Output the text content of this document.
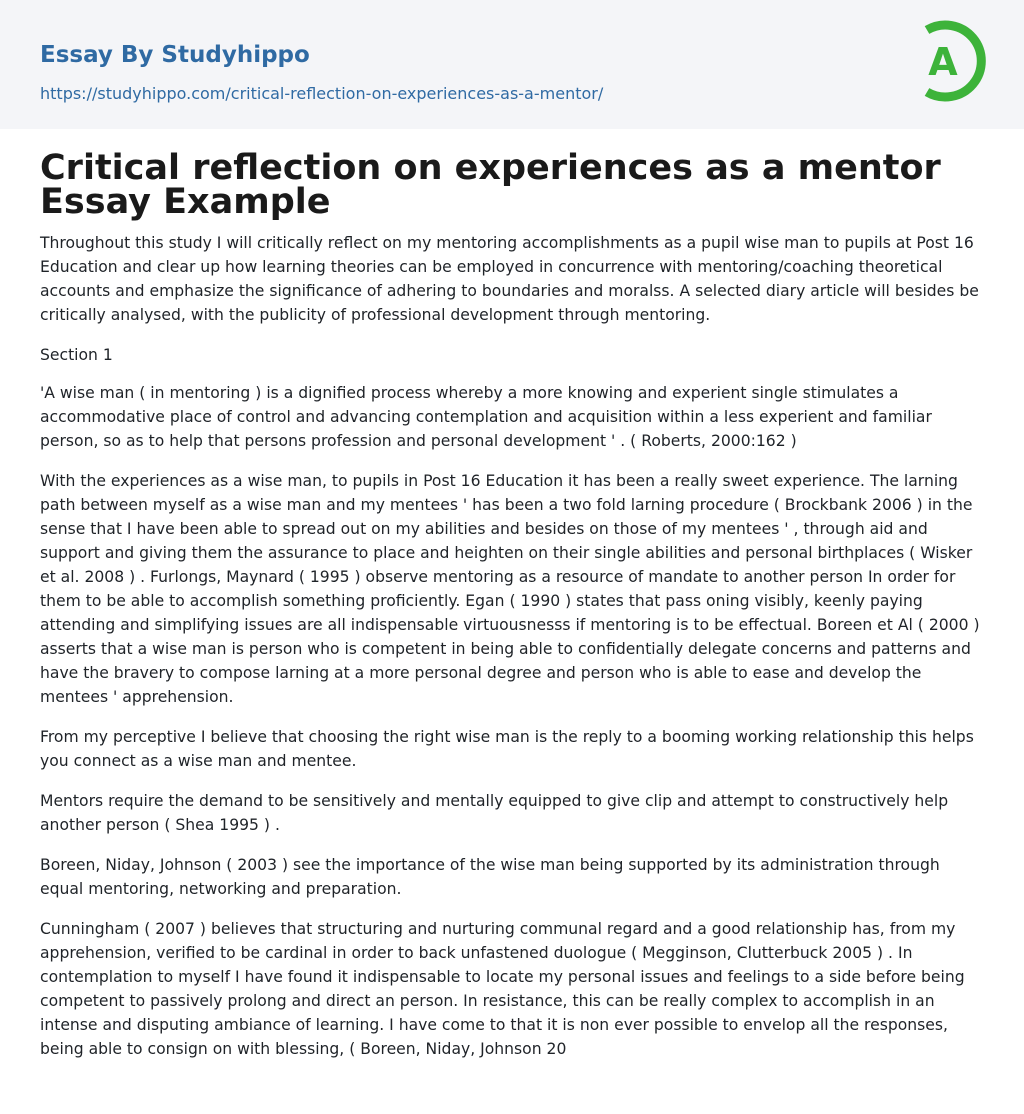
Essay By Studyhippo

https://studyhippo.com/critical-reflection-on-experiences-as-a-mentor/
A
Critical reflection on experiences as a mentor Essay Example

Throughout this study I will critically reflect on my mentoring accomplishments as a pupil wise man to pupils at Post 16 Education and clear up how learning theories can be employed in concurrence with mentoring/coaching theoretical accounts and emphasize the significance of adhering to boundaries and moralss. A selected diary article will besides be critically analysed, with the publicity of professional development through mentoring.

Section 1

'A wise man ( in mentoring ) is a dignified process whereby a more knowing and experient single stimulates a accommodative place of control and advancing contemplation and acquisition within a less experient and familiar person, so as to help that persons profession and personal development ' . ( Roberts, 2000:162 )

With the experiences as a wise man, to pupils in Post 16 Education it has been a really sweet experience. The larning path between myself as a wise man and my mentees ' has been a two fold larning procedure ( Brockbank 2006 ) in the sense that I have been able to spread out on my abilities and besides on those of my mentees ' , through aid and support and giving them the assurance to place and heighten on their single abilities and personal birthplaces ( Wisker et al. 2008 ) . Furlongs, Maynard ( 1995 ) observe mentoring as a resource of mandate to another person In order for them to be able to accomplish something proficiently. Egan ( 1990 ) states that pass oning visibly, keenly paying attending and simplifying issues are all indispensable virtuousnesss if mentoring is to be effectual. Boreen et Al ( 2000 ) asserts that a wise man is person who is competent in being able to confidentially delegate concerns and patterns and have the bravery to compose larning at a more personal degree and person who is able to ease and develop the mentees ' apprehension.

From my perceptive I believe that choosing the right wise man is the reply to a booming working relationship this helps you connect as a wise man and mentee.

Mentors require the demand to be sensitively and mentally equipped to give clip and attempt to constructively help another person ( Shea 1995 ) .

Boreen, Niday, Johnson ( 2003 ) see the importance of the wise man being supported by its administration through equal mentoring, networking and preparation.

Cunningham ( 2007 ) believes that structuring and nurturing communal regard and a good relationship has, from my apprehension, verified to be cardinal in order to back unfastened duologue ( Megginson, Clutterbuck 2005 ) . In contemplation to myself I have found it indispensable to locate my personal issues and feelings to a side before being competent to passively prolong and direct an person. In resistance, this can be really complex to accomplish in an intense and disputing ambiance of learning. I have come to that it is non ever possible to envelop all the responses, being able to consign on with blessing, ( Boreen, Niday, Johnson 20
